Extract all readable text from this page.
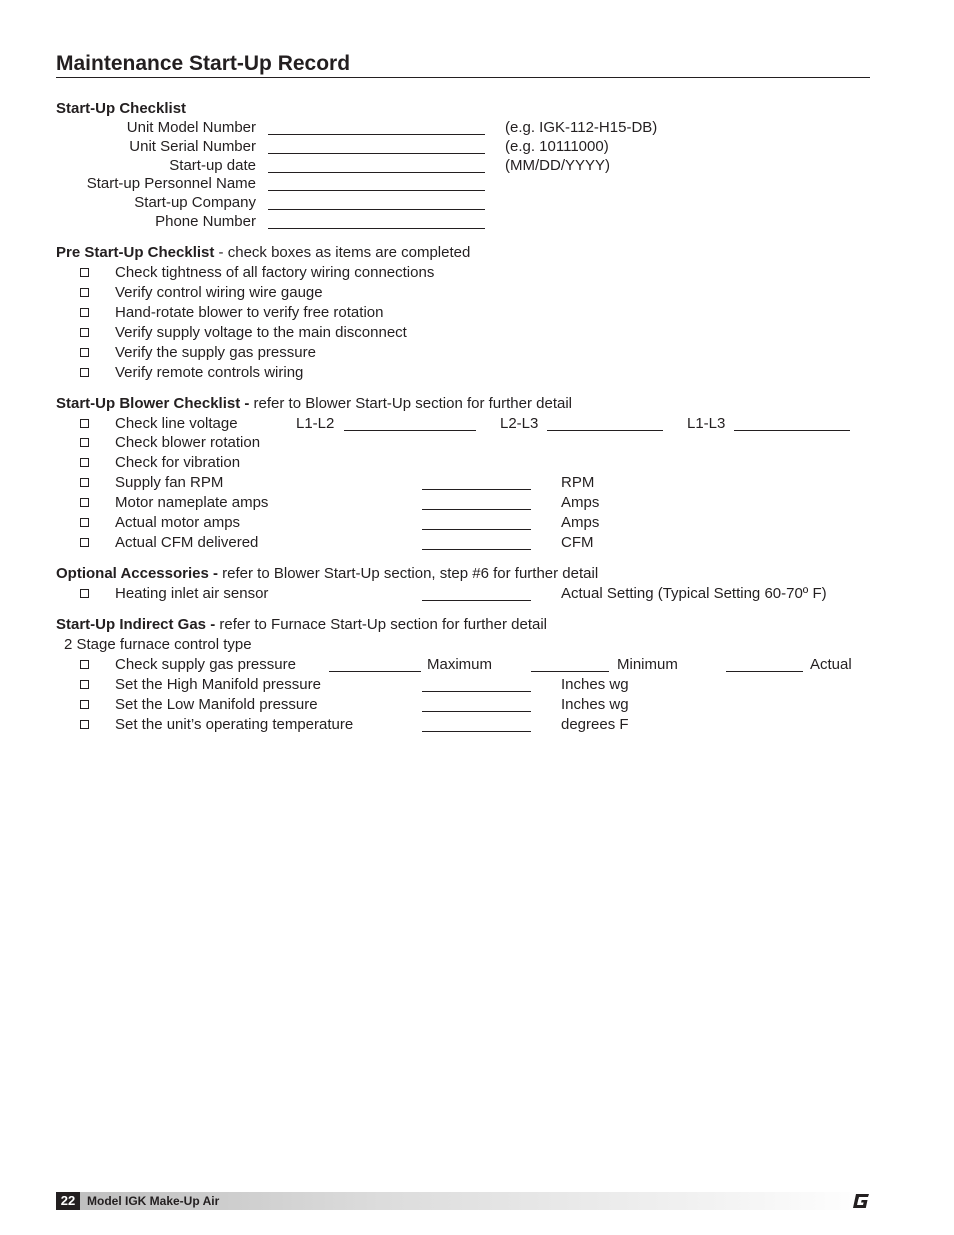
Maintenance Start-Up Record
Start-Up Checklist
Unit Model Number	(e.g. IGK-112-H15-DB)
Unit Serial Number	(e.g. 10111000)
Start-up date	(MM/DD/YYYY)
Start-up Personnel Name
Start-up Company
Phone Number
Pre Start-Up Checklist - check boxes as items are completed
Check tightness of all factory wiring connections
Verify control wiring wire gauge
Hand-rotate blower to verify free rotation
Verify supply voltage to the main disconnect
Verify the supply gas pressure
Verify remote controls wiring
Start-Up Blower Checklist - refer to Blower Start-Up section for further detail
Check line voltage	L1-L2	L2-L3	L1-L3
Check blower rotation
Check for vibration
Supply fan RPM	RPM
Motor nameplate amps	Amps
Actual motor amps	Amps
Actual CFM delivered	CFM
Optional Accessories - refer to Blower Start-Up section, step #6 for further detail
Heating inlet air sensor	Actual Setting (Typical Setting 60-70º F)
Start-Up Indirect Gas - refer to Furnace Start-Up section for further detail
2 Stage furnace control type
Check supply gas pressure	Maximum	Minimum	Actual
Set the High Manifold pressure	Inches wg
Set the Low Manifold pressure	Inches wg
Set the unit’s operating temperature	degrees F
22 Model IGK Make-Up Air
